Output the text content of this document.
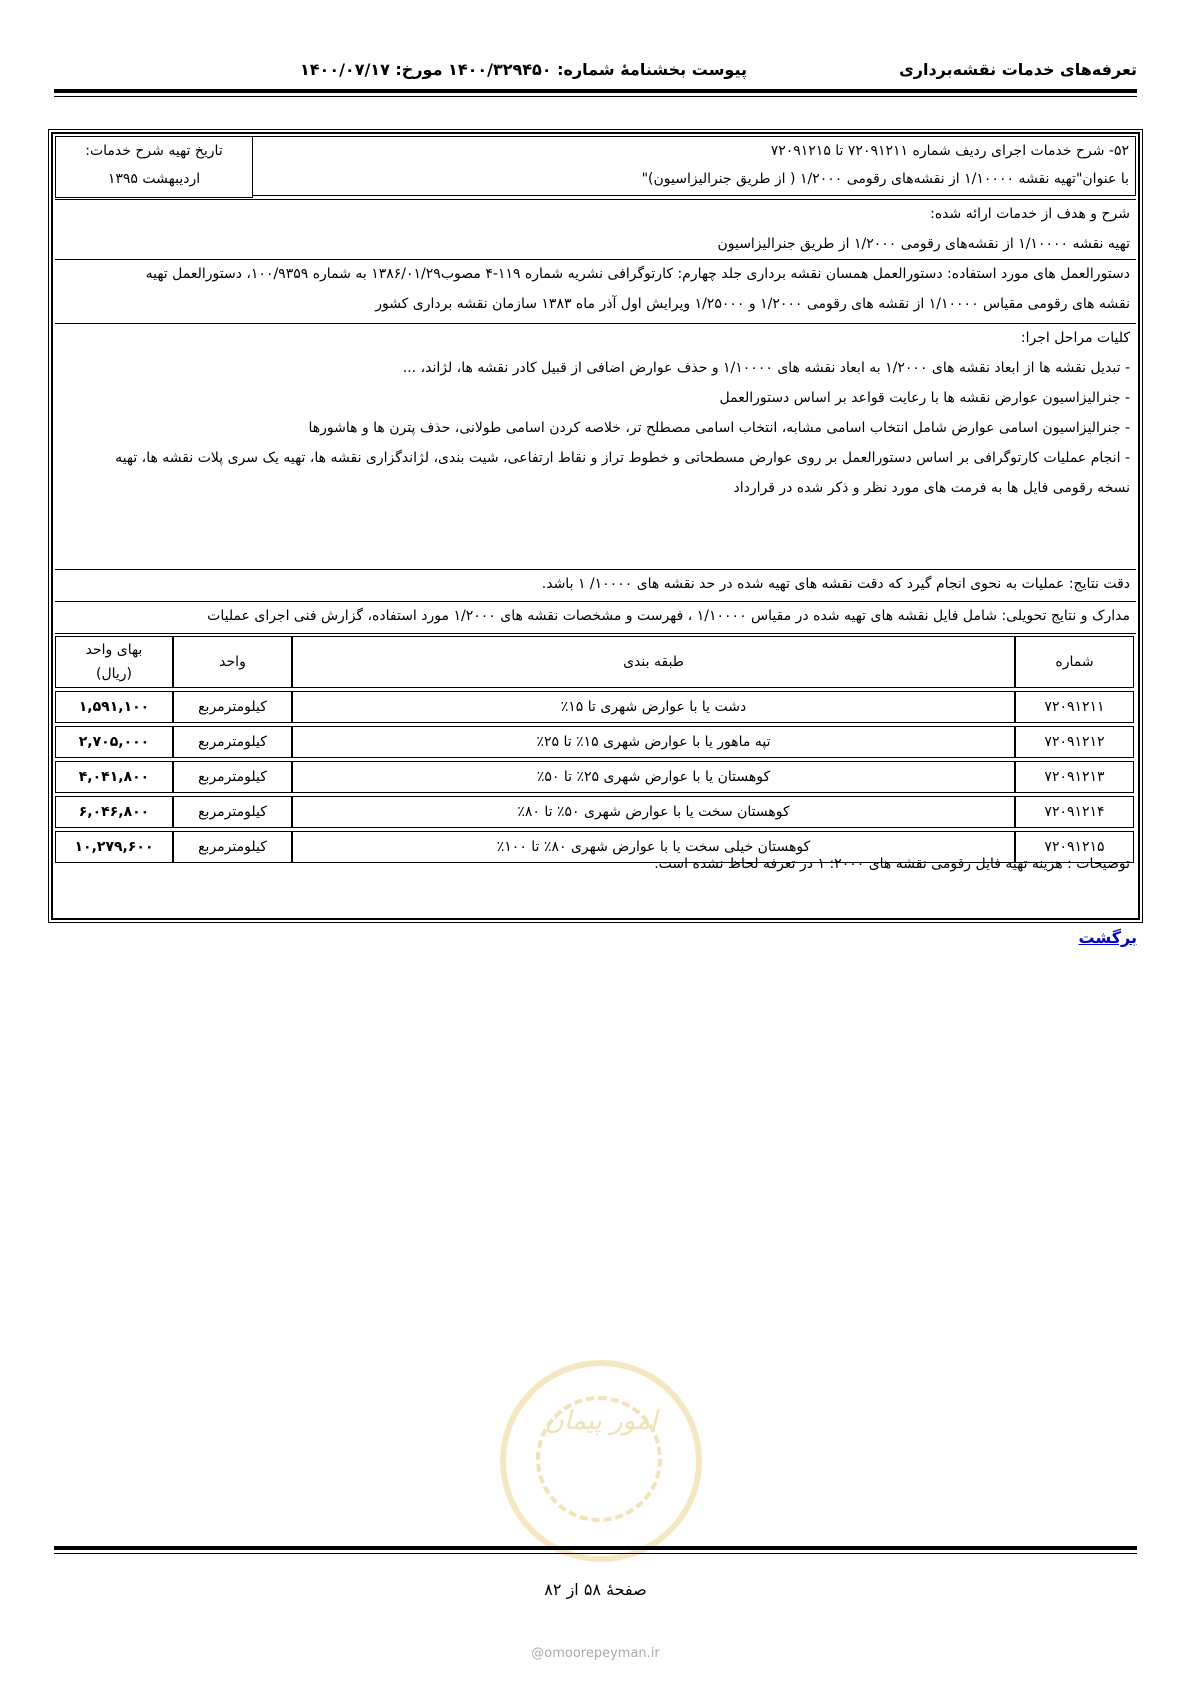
تعرفه‌های خدمات نقشه‌برداری
پیوست بخشنامهٔ شماره: ۱۴۰۰/۳۲۹۴۵۰ مورخ: ۱۴۰۰/۰۷/۱۷
۵۲- شرح خدمات اجرای ردیف شماره ۷۲۰۹۱۲۱۱ تا ۷۲۰۹۱۲۱۵
با عنوان"تهیه نقشه ۱/۱۰۰۰۰ از نقشه‌های رقومی ۱/۲۰۰۰ ( از طریق جنرالیزاسیون)"
تاریخ تهیه شرح خدمات:
اردیبهشت ۱۳۹۵
شرح و هدف از خدمات ارائه شده:
تهیه نقشه ۱/۱۰۰۰۰ از نقشه‌های رقومی ۱/۲۰۰۰ از طریق جنرالیزاسیون
دستورالعمل های مورد استفاده: دستورالعمل همسان نقشه برداری جلد چهارم: کارتوگرافی نشریه شماره ۱۱۹-۴ مصوب۱۳۸۶/۰۱/۲۹ به شماره ۱۰۰/۹۳۵۹، دستورالعمل تهیه
نقشه های رقومی مقیاس ۱/۱۰۰۰۰ از نقشه های رقومی ۱/۲۰۰۰ و ۱/۲۵۰۰۰ ویرایش اول آذر ماه ۱۳۸۳ سازمان نقشه برداری کشور
کلیات مراحل اجرا:
- تبدیل نقشه ها از ابعاد نقشه های ۱/۲۰۰۰ به ابعاد نقشه های ۱/۱۰۰۰۰ و حذف عوارض اضافی از قبیل کادر نقشه ها، لژاند، ...
- جنرالیزاسیون عوارض نقشه ها با رعایت قواعد بر اساس دستورالعمل
- جنرالیزاسیون اسامی عوارض شامل انتخاب اسامی مشابه، انتخاب اسامی مصطلح تر، خلاصه کردن اسامی طولانی، حذف پترن ها و هاشورها
- انجام عملیات کارتوگرافی بر اساس دستورالعمل بر روی عوارض مسطحاتی و خطوط تراز و نقاط ارتفاعی، شیت بندی، لژاندگزاری نقشه ها، تهیه یک سری پلات نقشه ها، تهیه
نسخه رقومی فایل ها به فرمت های مورد نظر و ذکر شده در قرارداد
دقت نتایج: عملیات به نحوی انجام گیرد که دقت نقشه های تهیه شده در حد نقشه های ۱۰۰۰۰/ ۱ باشد.
مدارک و نتایج تحویلی: شامل فایل نقشه های تهیه شده در مقیاس ۱/۱۰۰۰۰ ، فهرست و مشخصات نقشه های ۱/۲۰۰۰ مورد استفاده، گزارش فنی اجرای عملیات
شماره	طبقه بندی	واحد	بهای واحد
(ریال)

۷۲۰۹۱۲۱۱	دشت یا با عوارض شهری تا ۱۵٪	کیلومترمربع	۱,۵۹۱,۱۰۰
۷۲۰۹۱۲۱۲	تپه ماهور یا با عوارض شهری ۱۵٪ تا ۲۵٪	کیلومترمربع	۲,۷۰۵,۰۰۰
۷۲۰۹۱۲۱۳	کوهستان یا با عوارض شهری ۲۵٪ تا ۵۰٪	کیلومترمربع	۴,۰۴۱,۸۰۰
۷۲۰۹۱۲۱۴	کوهستان سخت یا با عوارض شهری ۵۰٪ تا ۸۰٪	کیلومترمربع	۶,۰۴۶,۸۰۰
۷۲۰۹۱۲۱۵	کوهستان خیلی سخت یا با عوارض شهری ۸۰٪ تا ۱۰۰٪	کیلومترمربع	۱۰,۲۷۹,۶۰۰
توضیحات : هزینه تهیه فایل رقومی نقشه های ۲۰۰۰: ۱ در تعرفه لحاظ نشده است.
برگشت
امور پیمان
صفحهٔ ۵۸ از ۸۲
@omoorepeyman.ir
